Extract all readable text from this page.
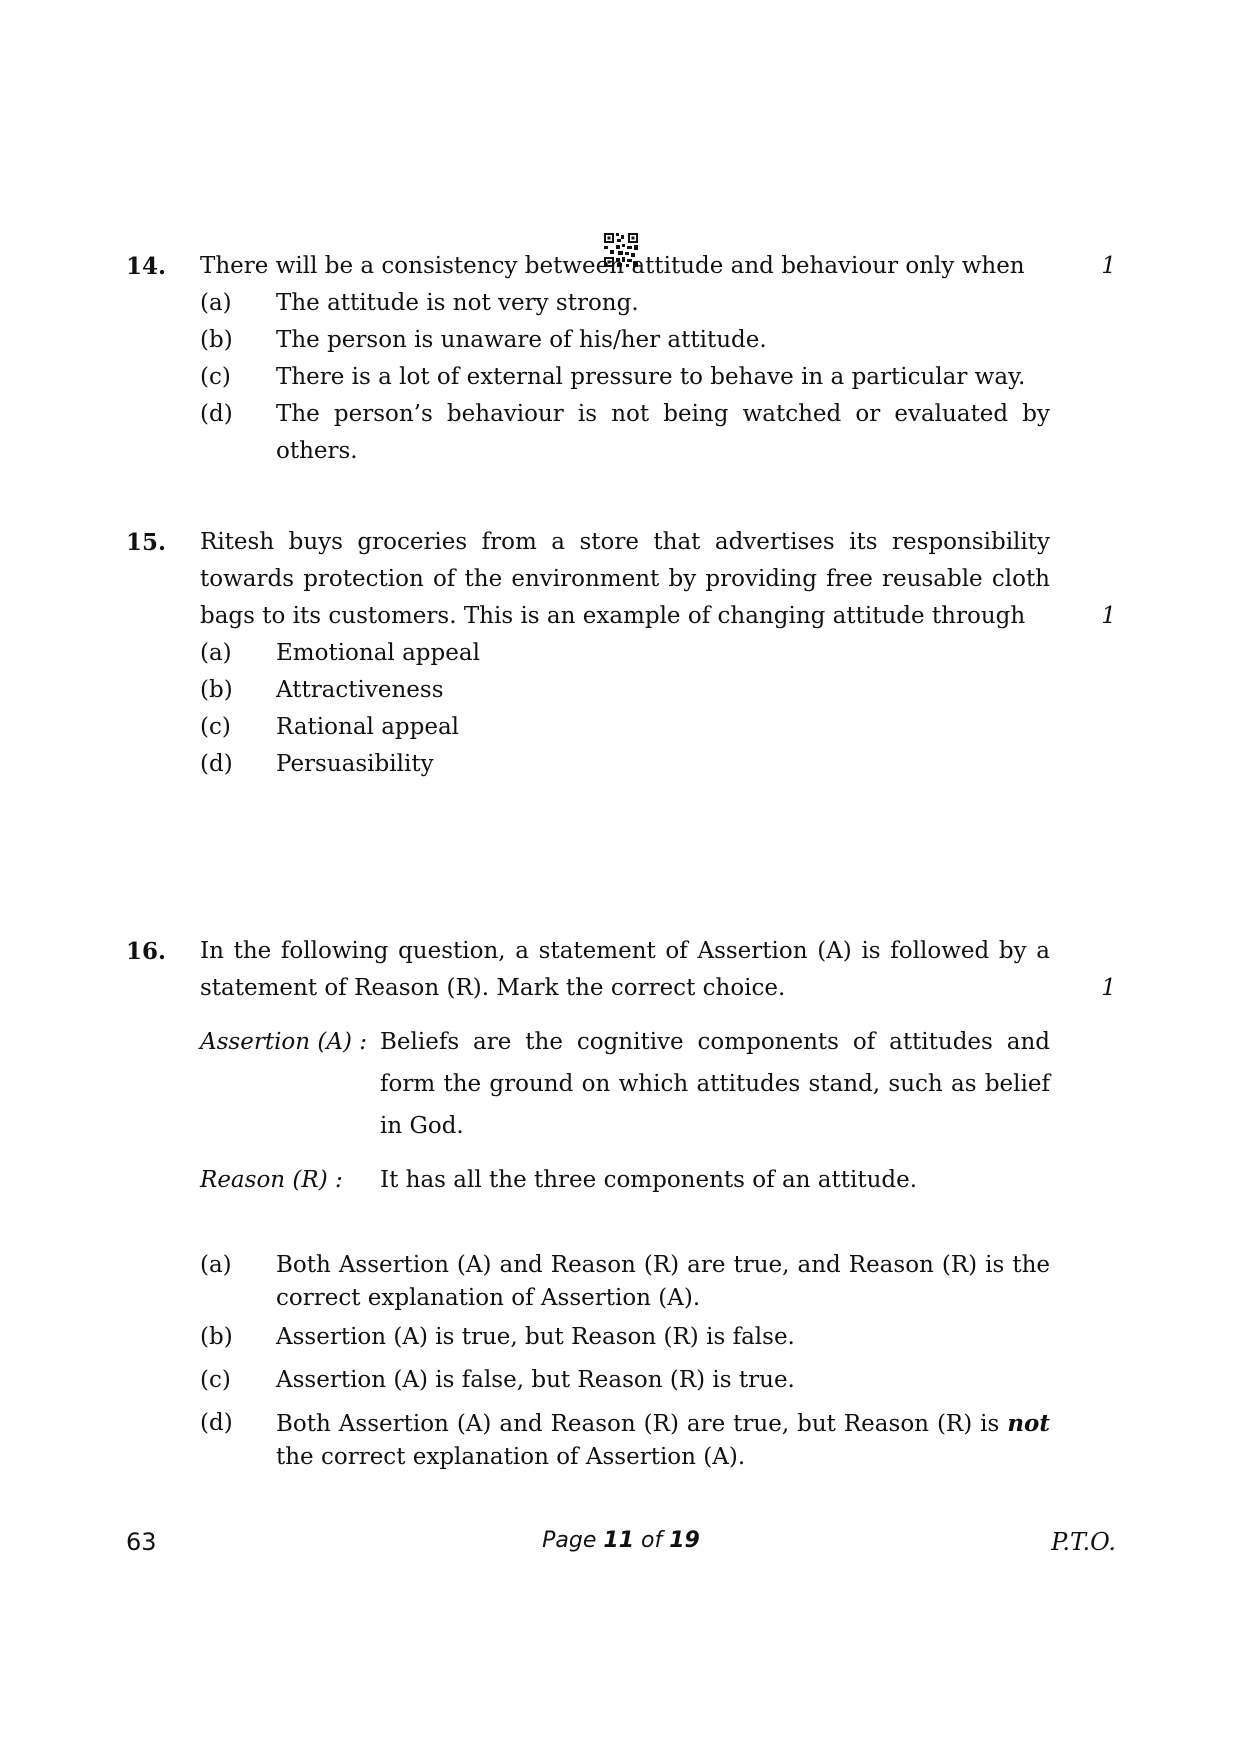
14. There will be a consistency between attitude and behaviour only when	1
(a)	The attitude is not very strong.
(b)	The person is unaware of his/her attitude.
(c)	There is a lot of external pressure to behave in a particular way.
(d)	The person’s behaviour is not being watched or evaluated by others.
15. Ritesh buys groceries from a store that advertises its responsibility towards protection of the environment by providing free reusable cloth bags to its customers. This is an example of changing attitude through	1
(a)	Emotional appeal
(b)	Attractiveness
(c)	Rational appeal
(d)	Persuasibility
16. In the following question, a statement of Assertion (A) is followed by a statement of Reason (R). Mark the correct choice.	1
Assertion (A) : Beliefs are the cognitive components of attitudes and form the ground on which attitudes stand, such as belief in God.
Reason (R) :	It has all the three components of an attitude.
(a)	Both Assertion (A) and Reason (R) are true, and Reason (R) is the correct explanation of Assertion (A).
(b)	Assertion (A) is true, but Reason (R) is false.
(c)	Assertion (A) is false, but Reason (R) is true.
(d)	Both Assertion (A) and Reason (R) are true, but Reason (R) is not the correct explanation of Assertion (A).
63	Page 11 of 19	P.T.O.
